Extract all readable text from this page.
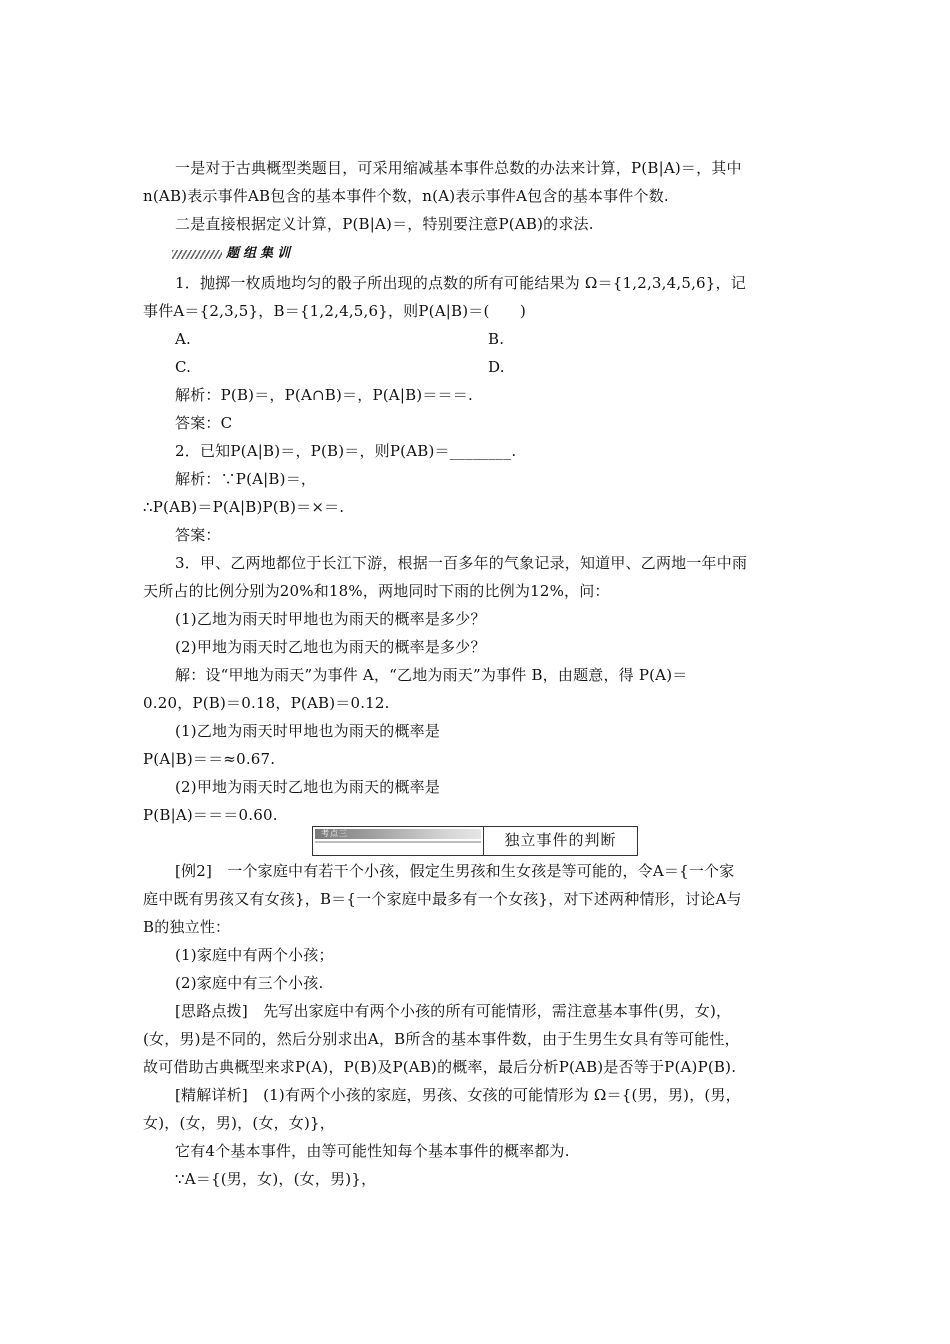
一是对于古典概型类题目，可采用缩减基本事件总数的办法来计算，P(B|A)＝，其中
n(AB)表示事件AB包含的基本事件个数，n(A)表示事件A包含的基本事件个数.
二是直接根据定义计算，P(B|A)＝，特别要注意P(AB)的求法.
题组集训
1．抛掷一枚质地均匀的骰子所出现的点数的所有可能结果为 Ω＝{1,2,3,4,5,6}，记
事件A＝{2,3,5}，B＝{1,2,4,5,6}，则P(A|B)＝(　　)
A.	B.
C.	D.
解析：P(B)＝，P(A∩B)＝，P(A|B)＝＝＝.
答案：C
2．已知P(A|B)＝，P(B)＝，则P(AB)＝________.
解析：∵P(A|B)＝，
∴P(AB)＝P(A|B)P(B)＝×＝.
答案：
3．甲、乙两地都位于长江下游，根据一百多年的气象记录，知道甲、乙两地一年中雨
天所占的比例分别为20%和18%，两地同时下雨的比例为12%，问：
(1)乙地为雨天时甲地也为雨天的概率是多少？
(2)甲地为雨天时乙地也为雨天的概率是多少？
解：设“甲地为雨天”为事件 A，“乙地为雨天”为事件 B，由题意，得 P(A)＝
0.20，P(B)＝0.18，P(AB)＝0.12.
(1)乙地为雨天时甲地也为雨天的概率是
P(A|B)＝＝≈0.67.
(2)甲地为雨天时乙地也为雨天的概率是
P(B|A)＝＝＝0.60.
考点三	独立事件的判断
[例2]　一个家庭中有若干个小孩，假定生男孩和生女孩是等可能的，令A＝{一个家
庭中既有男孩又有女孩}，B＝{一个家庭中最多有一个女孩}，对下述两种情形，讨论A与
B的独立性：
(1)家庭中有两个小孩；
(2)家庭中有三个小孩.
[思路点拨]　先写出家庭中有两个小孩的所有可能情形，需注意基本事件(男，女)，
(女，男)是不同的，然后分别求出A，B所含的基本事件数，由于生男生女具有等可能性，
故可借助古典概型来求P(A)，P(B)及P(AB)的概率，最后分析P(AB)是否等于P(A)P(B).
[精解详析]　(1)有两个小孩的家庭，男孩、女孩的可能情形为 Ω＝{(男，男)，(男，
女)，(女，男)，(女，女)}，
它有4个基本事件，由等可能性知每个基本事件的概率都为.
∵A＝{(男，女)，(女，男)}，
